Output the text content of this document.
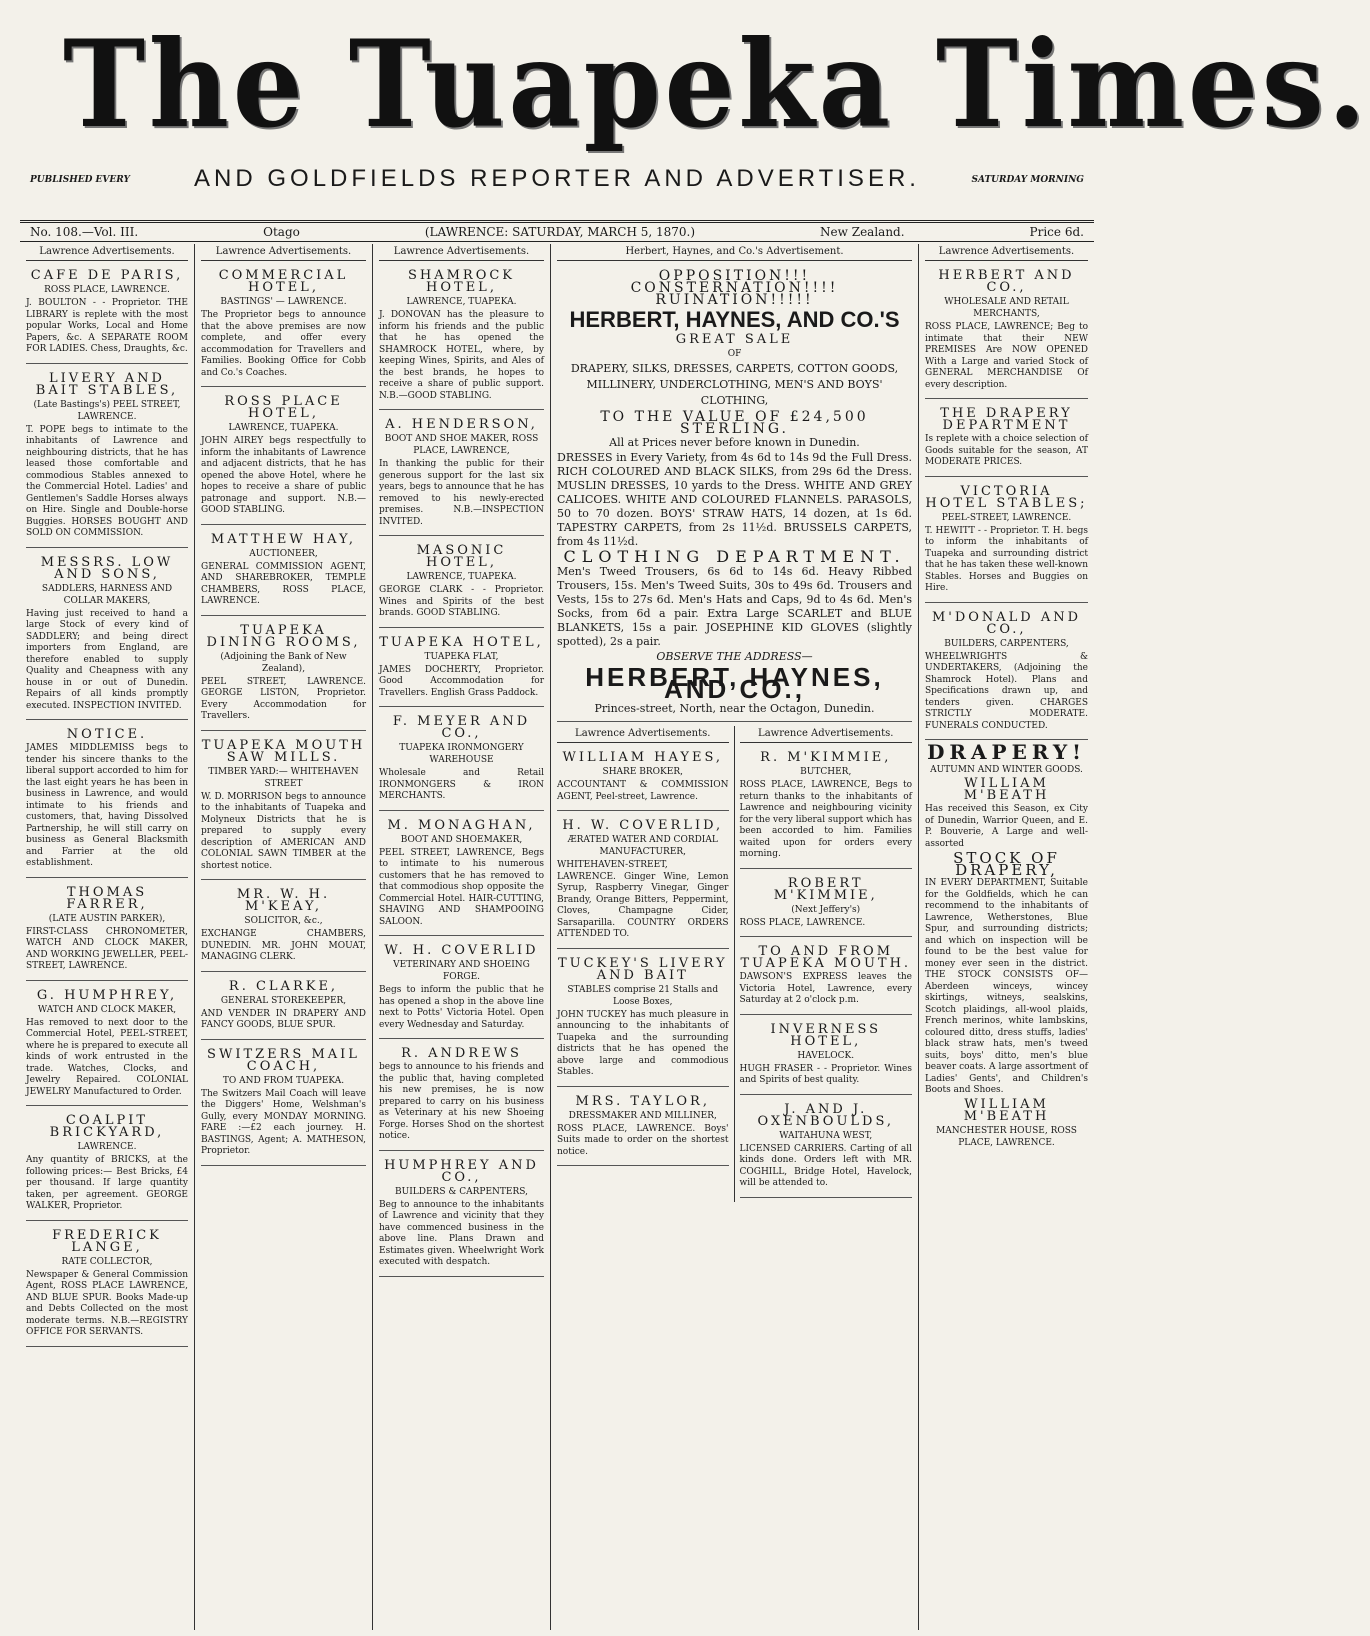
The Tuapeka Times.
PUBLISHED EVERY	AND GOLDFIELDS REPORTER AND ADVERTISER.	SATURDAY MORNING
No. 108.—Vol. III.	Otago	(LAWRENCE: SATURDAY, MARCH 5, 1870.)	New Zealand.	Price 6d.
Lawrence Advertisements.
CAFE DE PARIS,
ROSS PLACE, LAWRENCE.
J. BOULTON - - Proprietor. THE LIBRARY is replete with the most popular Works, Local and Home Papers, &c. A SEPARATE ROOM FOR LADIES. Chess, Draughts, &c.
LIVERY AND BAIT STABLES,
(Late Bastings's) PEEL STREET, LAWRENCE.
T. POPE begs to intimate to the inhabitants of Lawrence and neighbouring districts, that he has leased those comfortable and commodious Stables annexed to the Commercial Hotel. Ladies' and Gentlemen's Saddle Horses always on Hire. Single and Double-horse Buggies. HORSES BOUGHT AND SOLD ON COMMISSION.
MESSRS. LOW AND SONS,
SADDLERS, HARNESS AND COLLAR MAKERS,
Having just received to hand a large Stock of every kind of SADDLERY; and being direct importers from England, are therefore enabled to supply Quality and Cheapness with any house in or out of Dunedin. Repairs of all kinds promptly executed. INSPECTION INVITED.
NOTICE.
JAMES MIDDLEMISS begs to tender his sincere thanks to the liberal support accorded to him for the last eight years he has been in business in Lawrence, and would intimate to his friends and customers, that, having Dissolved Partnership, he will still carry on business as General Blacksmith and Farrier at the old establishment.
THOMAS FARRER,
(LATE AUSTIN PARKER),
FIRST-CLASS CHRONOMETER, WATCH AND CLOCK MAKER, AND WORKING JEWELLER, PEEL-STREET, LAWRENCE.
G. HUMPHREY,
WATCH AND CLOCK MAKER,
Has removed to next door to the Commercial Hotel, PEEL-STREET, where he is prepared to execute all kinds of work entrusted in the trade. Watches, Clocks, and Jewelry Repaired. COLONIAL JEWELRY Manufactured to Order.
COALPIT BRICKYARD,
LAWRENCE.
Any quantity of BRICKS, at the following prices:— Best Bricks, £4 per thousand. If large quantity taken, per agreement. GEORGE WALKER, Proprietor.
FREDERICK LANGE,
RATE COLLECTOR,
Newspaper & General Commission Agent, ROSS PLACE LAWRENCE, AND BLUE SPUR. Books Made-up and Debts Collected on the most moderate terms. N.B.—REGISTRY OFFICE FOR SERVANTS.
Lawrence Advertisements.
COMMERCIAL HOTEL,
BASTINGS' — LAWRENCE.
The Proprietor begs to announce that the above premises are now complete, and offer every accommodation for Travellers and Families. Booking Office for Cobb and Co.'s Coaches.
ROSS PLACE HOTEL,
LAWRENCE, TUAPEKA.
JOHN AIREY begs respectfully to inform the inhabitants of Lawrence and adjacent districts, that he has opened the above Hotel, where he hopes to receive a share of public patronage and support. N.B.—GOOD STABLING.
MATTHEW HAY,
AUCTIONEER,
GENERAL COMMISSION AGENT, AND SHAREBROKER, TEMPLE CHAMBERS, ROSS PLACE, LAWRENCE.
TUAPEKA DINING ROOMS,
(Adjoining the Bank of New Zealand),
PEEL STREET, LAWRENCE. GEORGE LISTON, Proprietor. Every Accommodation for Travellers.
TUAPEKA MOUTH SAW MILLS.
TIMBER YARD:— WHITEHAVEN STREET
W. D. MORRISON begs to announce to the inhabitants of Tuapeka and Molyneux Districts that he is prepared to supply every description of AMERICAN AND COLONIAL SAWN TIMBER at the shortest notice.
MR. W. H. M'KEAY,
SOLICITOR, &c.,
EXCHANGE CHAMBERS, DUNEDIN. MR. JOHN MOUAT, MANAGING CLERK.
R. CLARKE,
GENERAL STOREKEEPER,
AND VENDER IN DRAPERY AND FANCY GOODS, BLUE SPUR.
SWITZERS MAIL COACH,
TO AND FROM TUAPEKA.
The Switzers Mail Coach will leave the Diggers' Home, Welshman's Gully, every MONDAY MORNING. FARE :—£2 each journey. H. BASTINGS, Agent; A. MATHESON, Proprietor.
Lawrence Advertisements.
SHAMROCK HOTEL,
LAWRENCE, TUAPEKA.
J. DONOVAN has the pleasure to inform his friends and the public that he has opened the SHAMROCK HOTEL, where, by keeping Wines, Spirits, and Ales of the best brands, he hopes to receive a share of public support. N.B.—GOOD STABLING.
A. HENDERSON,
BOOT AND SHOE MAKER, ROSS PLACE, LAWRENCE,
In thanking the public for their generous support for the last six years, begs to announce that he has removed to his newly-erected premises. N.B.—INSPECTION INVITED.
MASONIC HOTEL,
LAWRENCE, TUAPEKA.
GEORGE CLARK - - Proprietor. Wines and Spirits of the best brands. GOOD STABLING.
TUAPEKA HOTEL,
TUAPEKA FLAT,
JAMES DOCHERTY, Proprietor. Good Accommodation for Travellers. English Grass Paddock.
F. MEYER AND CO.,
TUAPEKA IRONMONGERY WAREHOUSE
Wholesale and Retail IRONMONGERS & IRON MERCHANTS.
M. MONAGHAN,
BOOT AND SHOEMAKER,
PEEL STREET, LAWRENCE, Begs to intimate to his numerous customers that he has removed to that commodious shop opposite the Commercial Hotel. HAIR-CUTTING, SHAVING AND SHAMPOOING SALOON.
W. H. COVERLID
VETERINARY AND SHOEING FORGE.
Begs to inform the public that he has opened a shop in the above line next to Potts' Victoria Hotel. Open every Wednesday and Saturday.
R. ANDREWS
begs to announce to his friends and the public that, having completed his new premises, he is now prepared to carry on his business as Veterinary at his new Shoeing Forge. Horses Shod on the shortest notice.
HUMPHREY AND CO.,
BUILDERS & CARPENTERS,
Beg to announce to the inhabitants of Lawrence and vicinity that they have commenced business in the above line. Plans Drawn and Estimates given. Wheelwright Work executed with despatch.
Herbert, Haynes, and Co.'s Advertisement.
OPPOSITION!!! CONSTERNATION!!!! RUINATION!!!!!
HERBERT, HAYNES, AND CO.'S
GREAT SALE
OF
DRAPERY, SILKS, DRESSES, CARPETS, COTTON GOODS, MILLINERY, UNDERCLOTHING, MEN'S AND BOYS' CLOTHING,
TO THE VALUE OF £24,500 STERLING.
All at Prices never before known in Dunedin.
DRESSES in Every Variety, from 4s 6d to 14s 9d the Full Dress. RICH COLOURED AND BLACK SILKS, from 29s 6d the Dress. MUSLIN DRESSES, 10 yards to the Dress. WHITE AND GREY CALICOES. WHITE AND COLOURED FLANNELS. PARASOLS, 50 to 70 dozen. BOYS' STRAW HATS, 14 dozen, at 1s 6d. TAPESTRY CARPETS, from 2s 11½d. BRUSSELS CARPETS, from 4s 11½d.
CLOTHING DEPARTMENT.
Men's Tweed Trousers, 6s 6d to 14s 6d. Heavy Ribbed Trousers, 15s. Men's Tweed Suits, 30s to 49s 6d. Trousers and Vests, 15s to 27s 6d. Men's Hats and Caps, 9d to 4s 6d. Men's Socks, from 6d a pair. Extra Large SCARLET and BLUE BLANKETS, 15s a pair. JOSEPHINE KID GLOVES (slightly spotted), 2s a pair.
OBSERVE THE ADDRESS—
HERBERT, HAYNES, AND CO.,
Princes-street, North, near the Octagon, Dunedin.
Lawrence Advertisements.
WILLIAM HAYES,
SHARE BROKER,
ACCOUNTANT & COMMISSION AGENT, Peel-street, Lawrence.
H. W. COVERLID,
ÆRATED WATER AND CORDIAL MANUFACTURER,
WHITEHAVEN-STREET, LAWRENCE. Ginger Wine, Lemon Syrup, Raspberry Vinegar, Ginger Brandy, Orange Bitters, Peppermint, Cloves, Champagne Cider, Sarsaparilla. COUNTRY ORDERS ATTENDED TO.
TUCKEY'S LIVERY AND BAIT
STABLES comprise 21 Stalls and Loose Boxes,
JOHN TUCKEY has much pleasure in announcing to the inhabitants of Tuapeka and the surrounding districts that he has opened the above large and commodious Stables.
MRS. TAYLOR,
DRESSMAKER AND MILLINER,
ROSS PLACE, LAWRENCE. Boys' Suits made to order on the shortest notice.
Lawrence Advertisements.
R. M'KIMMIE,
BUTCHER,
ROSS PLACE, LAWRENCE, Begs to return thanks to the inhabitants of Lawrence and neighbouring vicinity for the very liberal support which has been accorded to him. Families waited upon for orders every morning.
ROBERT M'KIMMIE,
(Next Jeffery's)
ROSS PLACE, LAWRENCE.
TO AND FROM TUAPEKA MOUTH.
DAWSON'S EXPRESS leaves the Victoria Hotel, Lawrence, every Saturday at 2 o'clock p.m.
INVERNESS HOTEL,
HAVELOCK.
HUGH FRASER - - Proprietor. Wines and Spirits of best quality.
J. AND J. OXENBOULDS,
WAITAHUNA WEST,
LICENSED CARRIERS. Carting of all kinds done. Orders left with MR. COGHILL, Bridge Hotel, Havelock, will be attended to.
Lawrence Advertisements.
HERBERT AND CO.,
WHOLESALE AND RETAIL MERCHANTS,
ROSS PLACE, LAWRENCE; Beg to intimate that their NEW PREMISES Are NOW OPENED With a Large and varied Stock of GENERAL MERCHANDISE Of every description.
THE DRAPERY DEPARTMENT
Is replete with a choice selection of Goods suitable for the season, AT MODERATE PRICES.
VICTORIA HOTEL STABLES;
PEEL-STREET, LAWRENCE.
T. HEWITT - - Proprietor. T. H. begs to inform the inhabitants of Tuapeka and surrounding district that he has taken these well-known Stables. Horses and Buggies on Hire.
M'DONALD AND CO.,
BUILDERS, CARPENTERS,
WHEELWRIGHTS & UNDERTAKERS, (Adjoining the Shamrock Hotel). Plans and Specifications drawn up, and tenders given. CHARGES STRICTLY MODERATE. FUNERALS CONDUCTED.
DRAPERY!
AUTUMN AND WINTER GOODS.
WILLIAM M'BEATH
Has received this Season, ex City of Dunedin, Warrior Queen, and E. P. Bouverie, A Large and well-assorted
STOCK OF DRAPERY,
IN EVERY DEPARTMENT, Suitable for the Goldfields, which he can recommend to the inhabitants of Lawrence, Wetherstones, Blue Spur, and surrounding districts; and which on inspection will be found to be the best value for money ever seen in the district. THE STOCK CONSISTS OF— Aberdeen winceys, wincey skirtings, witneys, sealskins, Scotch plaidings, all-wool plaids, French merinos, white lambskins, coloured ditto, dress stuffs, ladies' black straw hats, men's tweed suits, boys' ditto, men's blue beaver coats. A large assortment of Ladies' Gents', and Children's Boots and Shoes.
WILLIAM M'BEATH
MANCHESTER HOUSE, ROSS PLACE, LAWRENCE.
